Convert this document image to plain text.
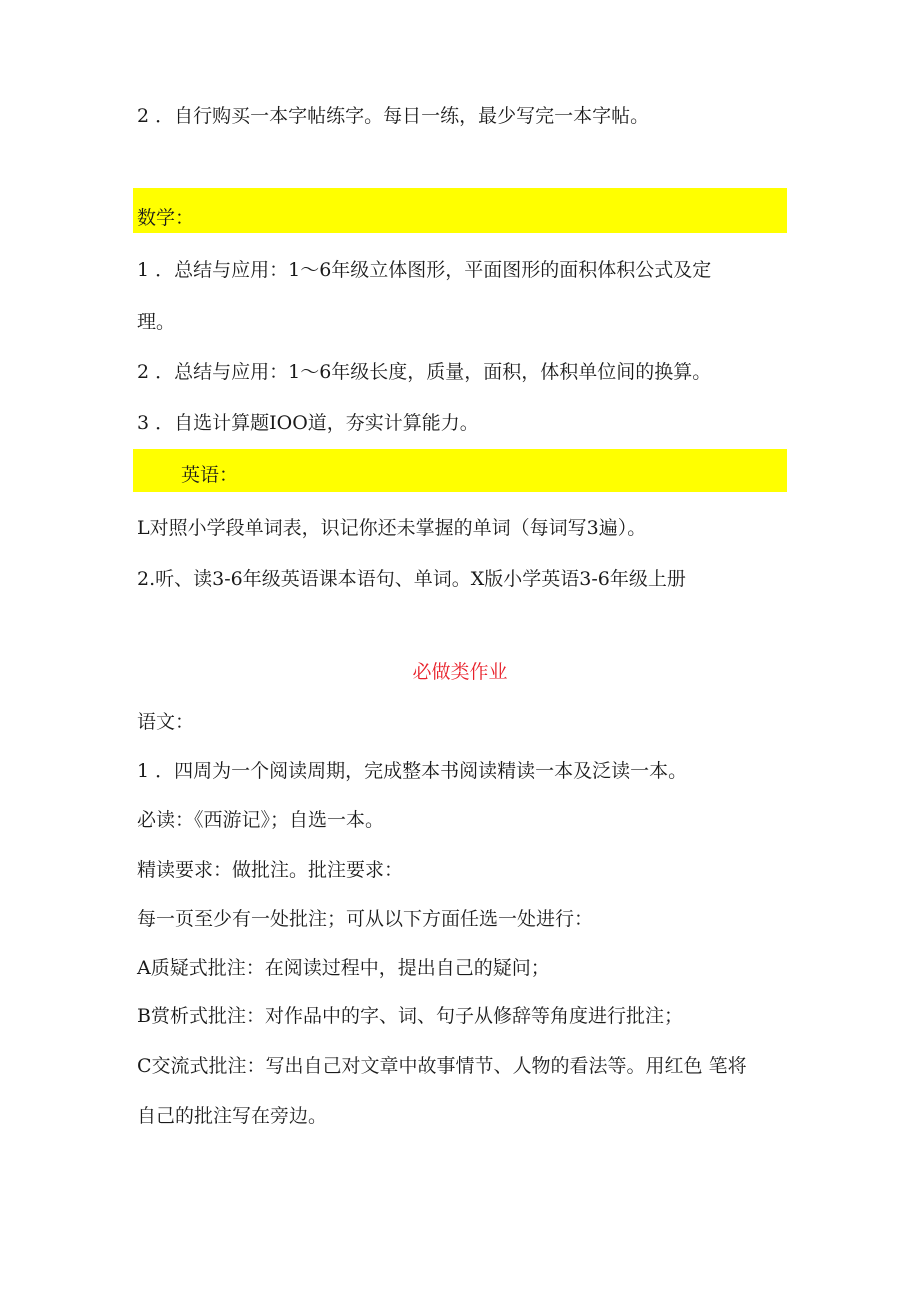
2 ．自行购买一本字帖练字。每日一练，最少写完一本字帖。
数学：
1 ．总结与应用：1～6年级立体图形，平面图形的面积体积公式及定
理。
2 ．总结与应用：1～6年级长度，质量，面积，体积单位间的换算。
3 ．自选计算题IOO道，夯实计算能力。
英语：
L对照小学段单词表，识记你还未掌握的单词（每词写3遍）。
2.听、读3-6年级英语课本语句、单词。X版小学英语3-6年级上册
必做类作业
语文：
1 ．四周为一个阅读周期，完成整本书阅读精读一本及泛读一本。
必读：《西游记》；自选一本。
精读要求：做批注。批注要求：
每一页至少有一处批注；可从以下方面任选一处进行：
A质疑式批注：在阅读过程中，提出自己的疑问；
B赏析式批注：对作品中的字、词、句子从修辞等角度进行批注；
C交流式批注：写出自己对文章中故事情节、人物的看法等。用红色 笔将
自己的批注写在旁边。
